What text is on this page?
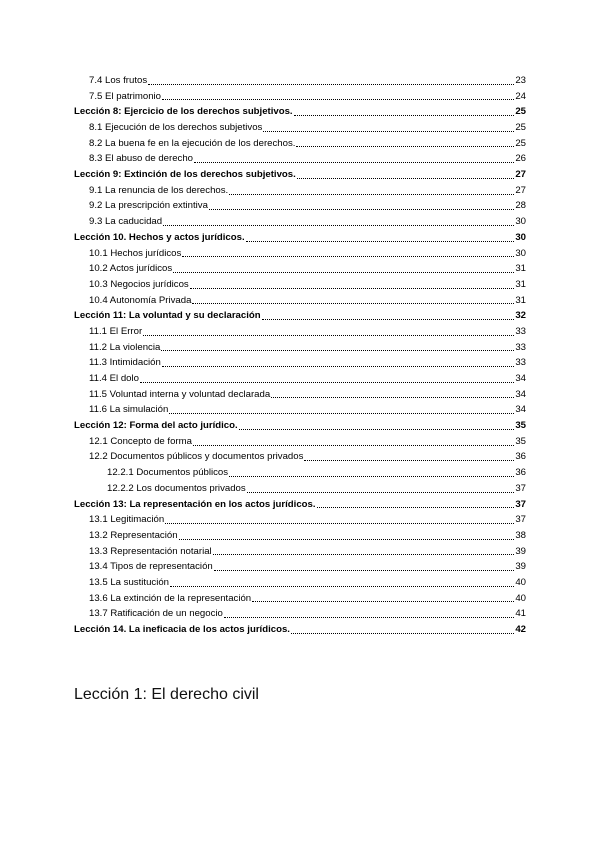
7.4 Los frutos	23
7.5 El patrimonio	24
Lección 8: Ejercicio de los derechos subjetivos.	25
8.1 Ejecución de los derechos subjetivos	25
8.2 La buena fe en la ejecución de los derechos.	25
8.3 El abuso de derecho	26
Lección 9: Extinción de los derechos subjetivos.	27
9.1 La renuncia de los derechos.	27
9.2 La prescripción extintiva	28
9.3 La caducidad	30
Lección 10. Hechos y actos jurídicos.	30
10.1 Hechos jurídicos	30
10.2 Actos jurídicos	31
10.3 Negocios jurídicos	31
10.4 Autonomía Privada	31
Lección 11: La voluntad y su declaración	32
11.1 El Error	33
11.2 La violencia	33
11.3 Intimidación	33
11.4 El dolo	34
11.5 Voluntad interna y voluntad declarada	34
11.6 La simulación	34
Lección 12: Forma del acto jurídico.	35
12.1 Concepto de forma	35
12.2 Documentos públicos y documentos privados	36
12.2.1 Documentos públicos	36
12.2.2 Los documentos privados	37
Lección 13: La representación en los actos jurídicos.	37
13.1 Legitimación	37
13.2 Representación	38
13.3 Representación notarial	39
13.4 Tipos de representación	39
13.5 La sustitución	40
13.6 La extinción de la representación	40
13.7 Ratificación de un negocio	41
Lección 14. La ineficacia de los actos jurídicos.	42
Lección 1: El derecho civil
